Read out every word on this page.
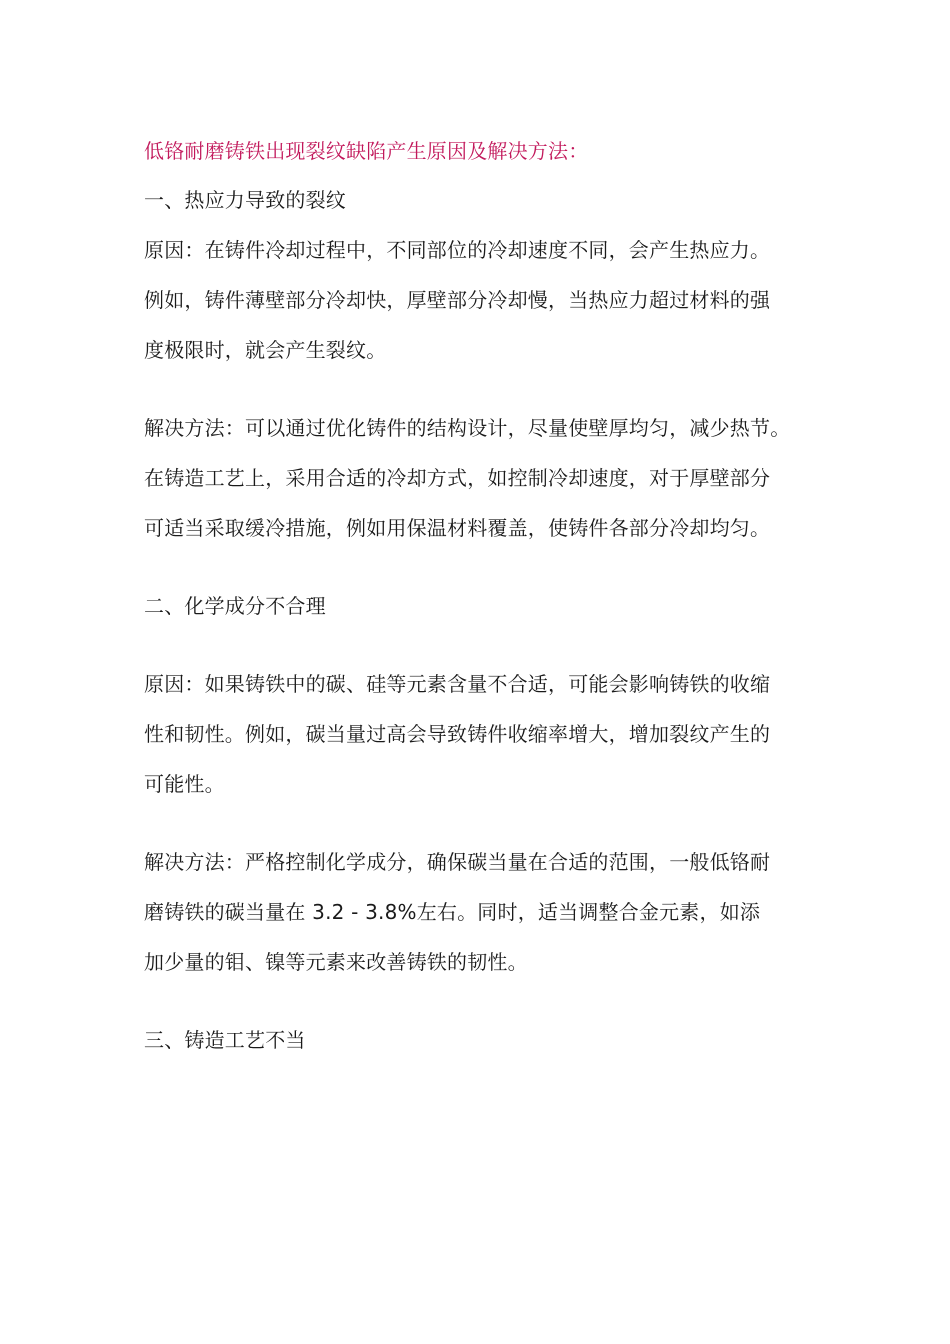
低铬耐磨铸铁出现裂纹缺陷产生原因及解决方法：
一、热应力导致的裂纹
原因：在铸件冷却过程中，不同部位的冷却速度不同，会产生热应力。
例如，铸件薄壁部分冷却快，厚壁部分冷却慢，当热应力超过材料的强
度极限时，就会产生裂纹。
解决方法：可以通过优化铸件的结构设计，尽量使壁厚均匀，减少热节。
在铸造工艺上，采用合适的冷却方式，如控制冷却速度，对于厚壁部分
可适当采取缓冷措施，例如用保温材料覆盖，使铸件各部分冷却均匀。
二、化学成分不合理
原因：如果铸铁中的碳、硅等元素含量不合适，可能会影响铸铁的收缩
性和韧性。例如，碳当量过高会导致铸件收缩率增大，增加裂纹产生的
可能性。
解决方法：严格控制化学成分，确保碳当量在合适的范围，一般低铬耐
磨铸铁的碳当量在 3.2 - 3.8%左右。同时，适当调整合金元素，如添
加少量的钼、镍等元素来改善铸铁的韧性。
三、铸造工艺不当
